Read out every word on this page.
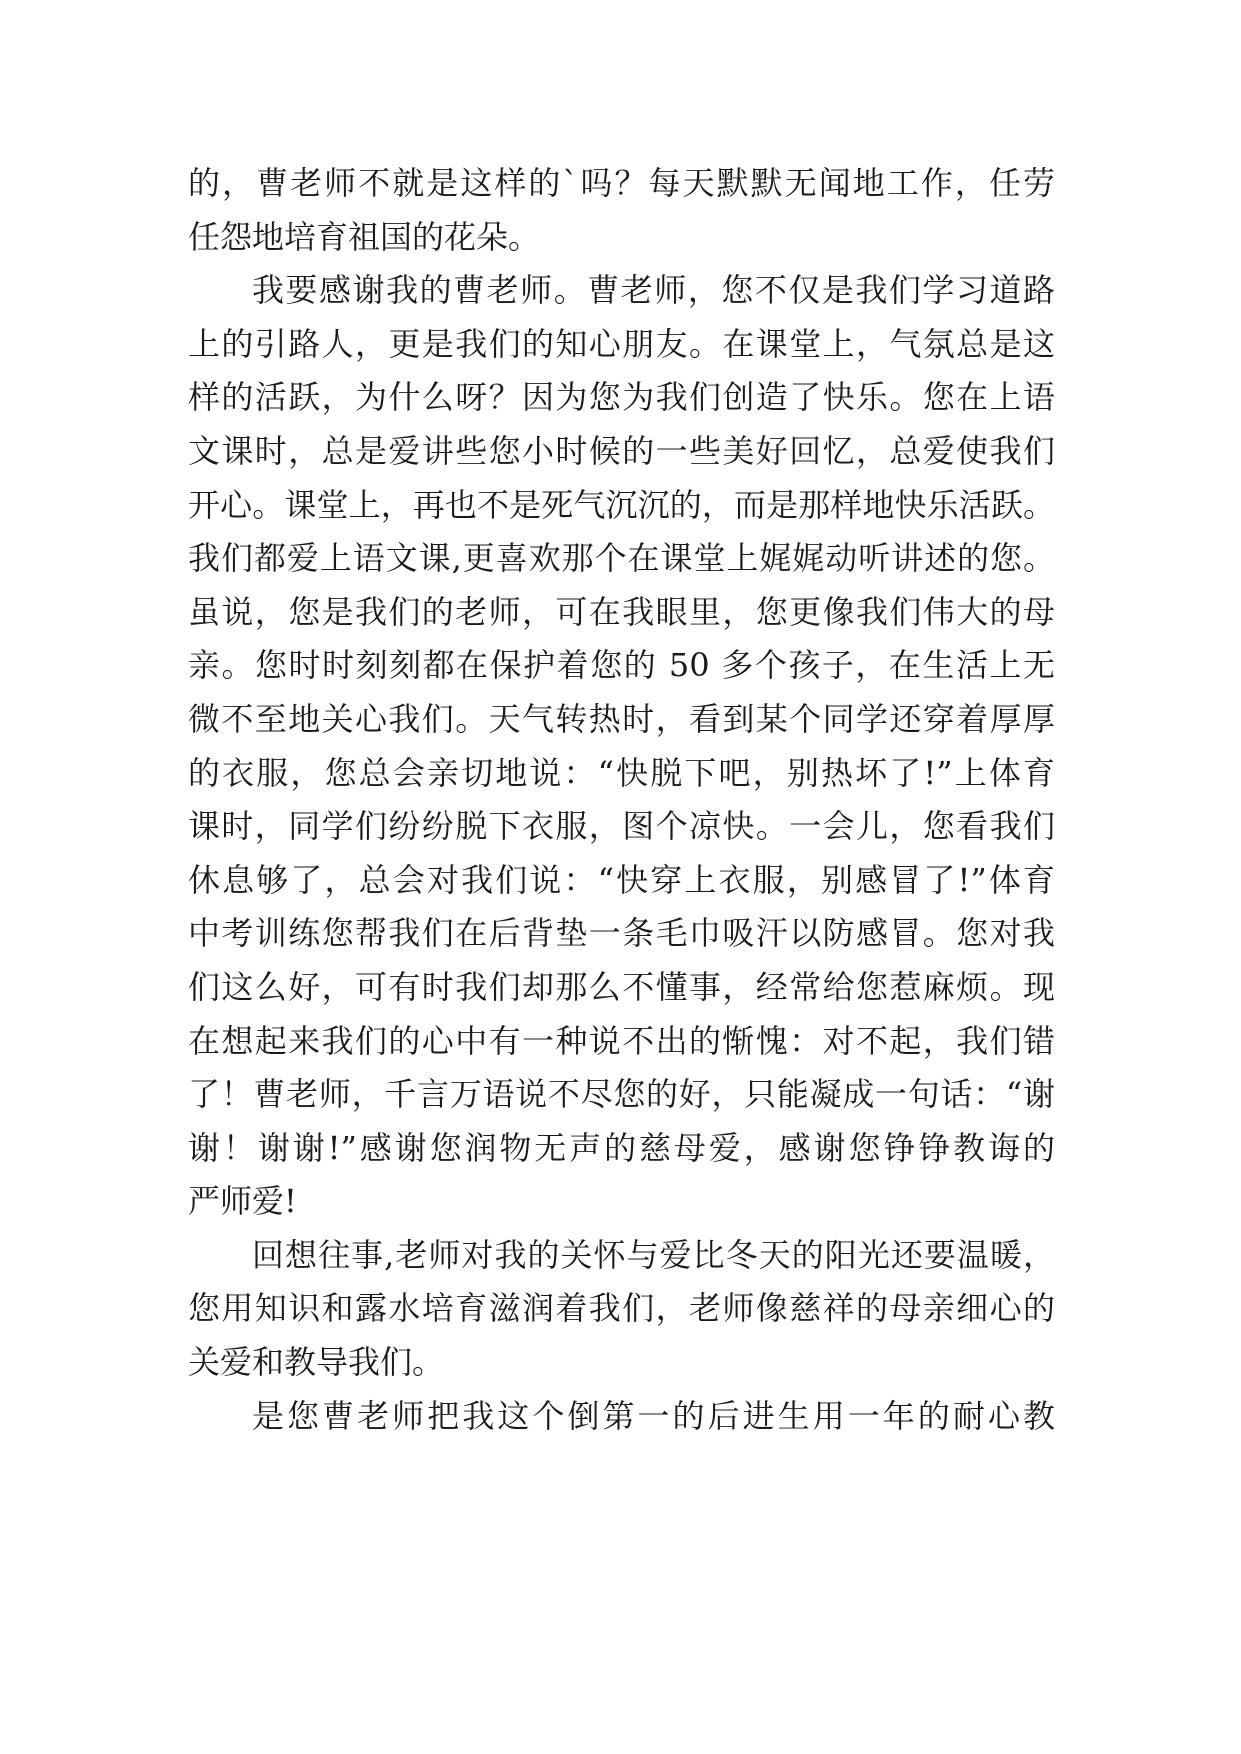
的，曹老师不就是这样的`吗？每天默默无闻地工作，任劳
任怨地培育祖国的花朵。
我要感谢我的曹老师。曹老师，您不仅是我们学习道路
上的引路人，更是我们的知心朋友。在课堂上，气氛总是这
样的活跃，为什么呀？因为您为我们创造了快乐。您在上语
文课时，总是爱讲些您小时候的一些美好回忆，总爱使我们
开心。课堂上，再也不是死气沉沉的，而是那样地快乐活跃。
我们都爱上语文课,更喜欢那个在课堂上娓娓动听讲述的您。
虽说，您是我们的老师，可在我眼里，您更像我们伟大的母
亲。您时时刻刻都在保护着您的 50 多个孩子，在生活上无
微不至地关心我们。天气转热时，看到某个同学还穿着厚厚
的衣服，您总会亲切地说：“快脱下吧，别热坏了!”上体育
课时，同学们纷纷脱下衣服，图个凉快。一会儿，您看我们
休息够了，总会对我们说：“快穿上衣服，别感冒了!”体育
中考训练您帮我们在后背垫一条毛巾吸汗以防感冒。您对我
们这么好，可有时我们却那么不懂事，经常给您惹麻烦。现
在想起来我们的心中有一种说不出的惭愧：对不起，我们错
了！曹老师，千言万语说不尽您的好，只能凝成一句话：“谢
谢！谢谢!”感谢您润物无声的慈母爱，感谢您铮铮教诲的
严师爱!
回想往事,老师对我的关怀与爱比冬天的阳光还要温暖，
您用知识和露水培育滋润着我们，老师像慈祥的母亲细心的
关爱和教导我们。
是您曹老师把我这个倒第一的后进生用一年的耐心教
